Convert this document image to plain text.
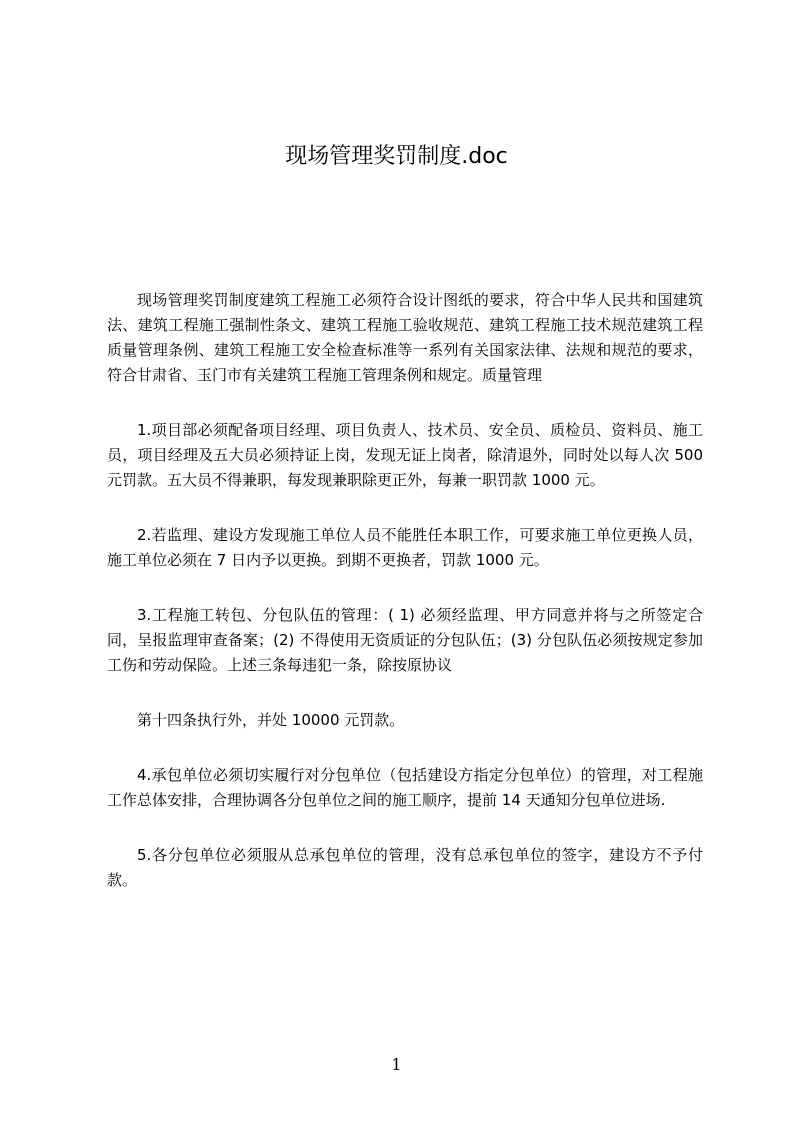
现场管理奖罚制度.doc

现场管理奖罚制度建筑工程施工必须符合设计图纸的要求，符合中华人民共和国建筑法、建筑工程施工强制性条文、建筑工程施工验收规范、建筑工程施工技术规范建筑工程质量管理条例、建筑工程施工安全检查标准等一系列有关国家法律、法规和规范的要求，符合甘肃省、玉门市有关建筑工程施工管理条例和规定。质量管理

1.项目部必须配备项目经理、项目负责人、技术员、安全员、质检员、资料员、施工员，项目经理及五大员必须持证上岗，发现无证上岗者，除清退外，同时处以每人次 500 元罚款。五大员不得兼职，每发现兼职除更正外，每兼一职罚款 1000 元。

2.若监理、建设方发现施工单位人员不能胜任本职工作，可要求施工单位更换人员，施工单位必须在 7 日内予以更换。到期不更换者，罚款 1000 元。

3.工程施工转包、分包队伍的管理：( 1) 必须经监理、甲方同意并将与之所签定合同，呈报监理审查备案；(2) 不得使用无资质证的分包队伍；(3) 分包队伍必须按规定参加工伤和劳动保险。上述三条每违犯一条，除按原协议

第十四条执行外，并处 10000 元罚款。

4.承包单位必须切实履行对分包单位（包括建设方指定分包单位）的管理，对工程施工作总体安排，合理协调各分包单位之间的施工顺序，提前 14 天通知分包单位进场.

5.各分包单位必须服从总承包单位的管理，没有总承包单位的签字，建设方不予付款。

1
